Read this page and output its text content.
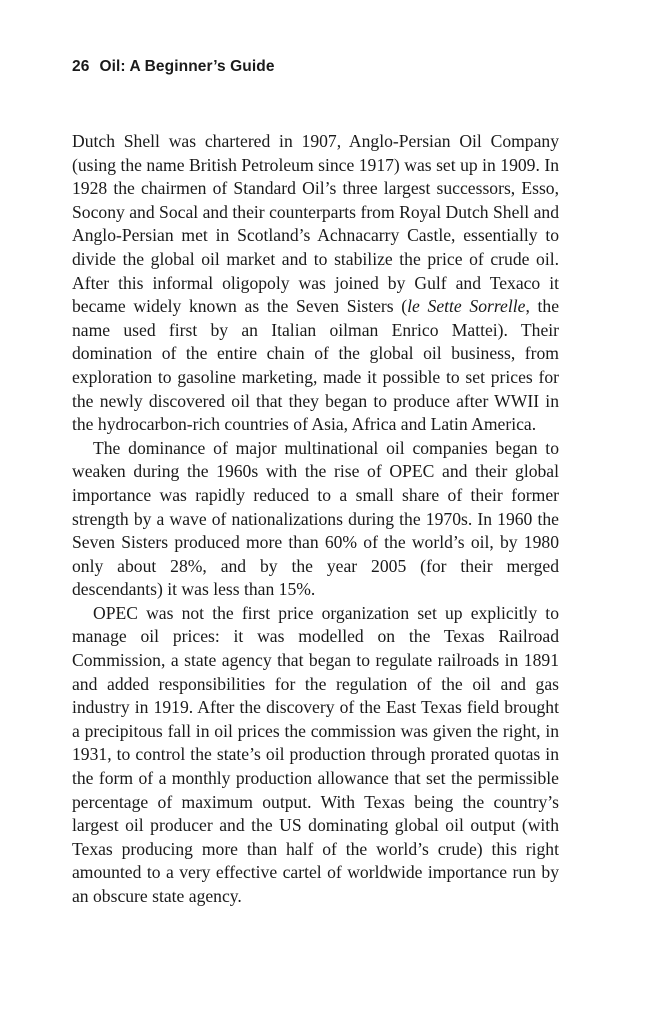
26 Oil: A Beginner’s Guide

Dutch Shell was chartered in 1907, Anglo-Persian Oil Company (using the name British Petroleum since 1917) was set up in 1909. In 1928 the chairmen of Standard Oil’s three largest successors, Esso, Socony and Socal and their counterparts from Royal Dutch Shell and Anglo-Persian met in Scotland’s Achnacarry Castle, essentially to divide the global oil market and to stabilize the price of crude oil. After this informal oligopoly was joined by Gulf and Texaco it became widely known as the Seven Sisters (le Sette Sorrelle, the name used first by an Italian oilman Enrico Mattei). Their domination of the entire chain of the global oil business, from exploration to gasoline marketing, made it possible to set prices for the newly discovered oil that they began to produce after WWII in the hydrocarbon-rich countries of Asia, Africa and Latin America.

The dominance of major multinational oil companies began to weaken during the 1960s with the rise of OPEC and their global importance was rapidly reduced to a small share of their former strength by a wave of nationalizations during the 1970s. In 1960 the Seven Sisters produced more than 60% of the world’s oil, by 1980 only about 28%, and by the year 2005 (for their merged descendants) it was less than 15%.

OPEC was not the first price organization set up explicitly to manage oil prices: it was modelled on the Texas Railroad Commission, a state agency that began to regulate railroads in 1891 and added responsibilities for the regulation of the oil and gas industry in 1919. After the discovery of the East Texas field brought a precipitous fall in oil prices the commission was given the right, in 1931, to control the state’s oil production through prorated quotas in the form of a monthly production allowance that set the permissible percentage of maximum output. With Texas being the country’s largest oil producer and the US dominating global oil output (with Texas producing more than half of the world’s crude) this right amounted to a very effective cartel of worldwide importance run by an obscure state agency.
